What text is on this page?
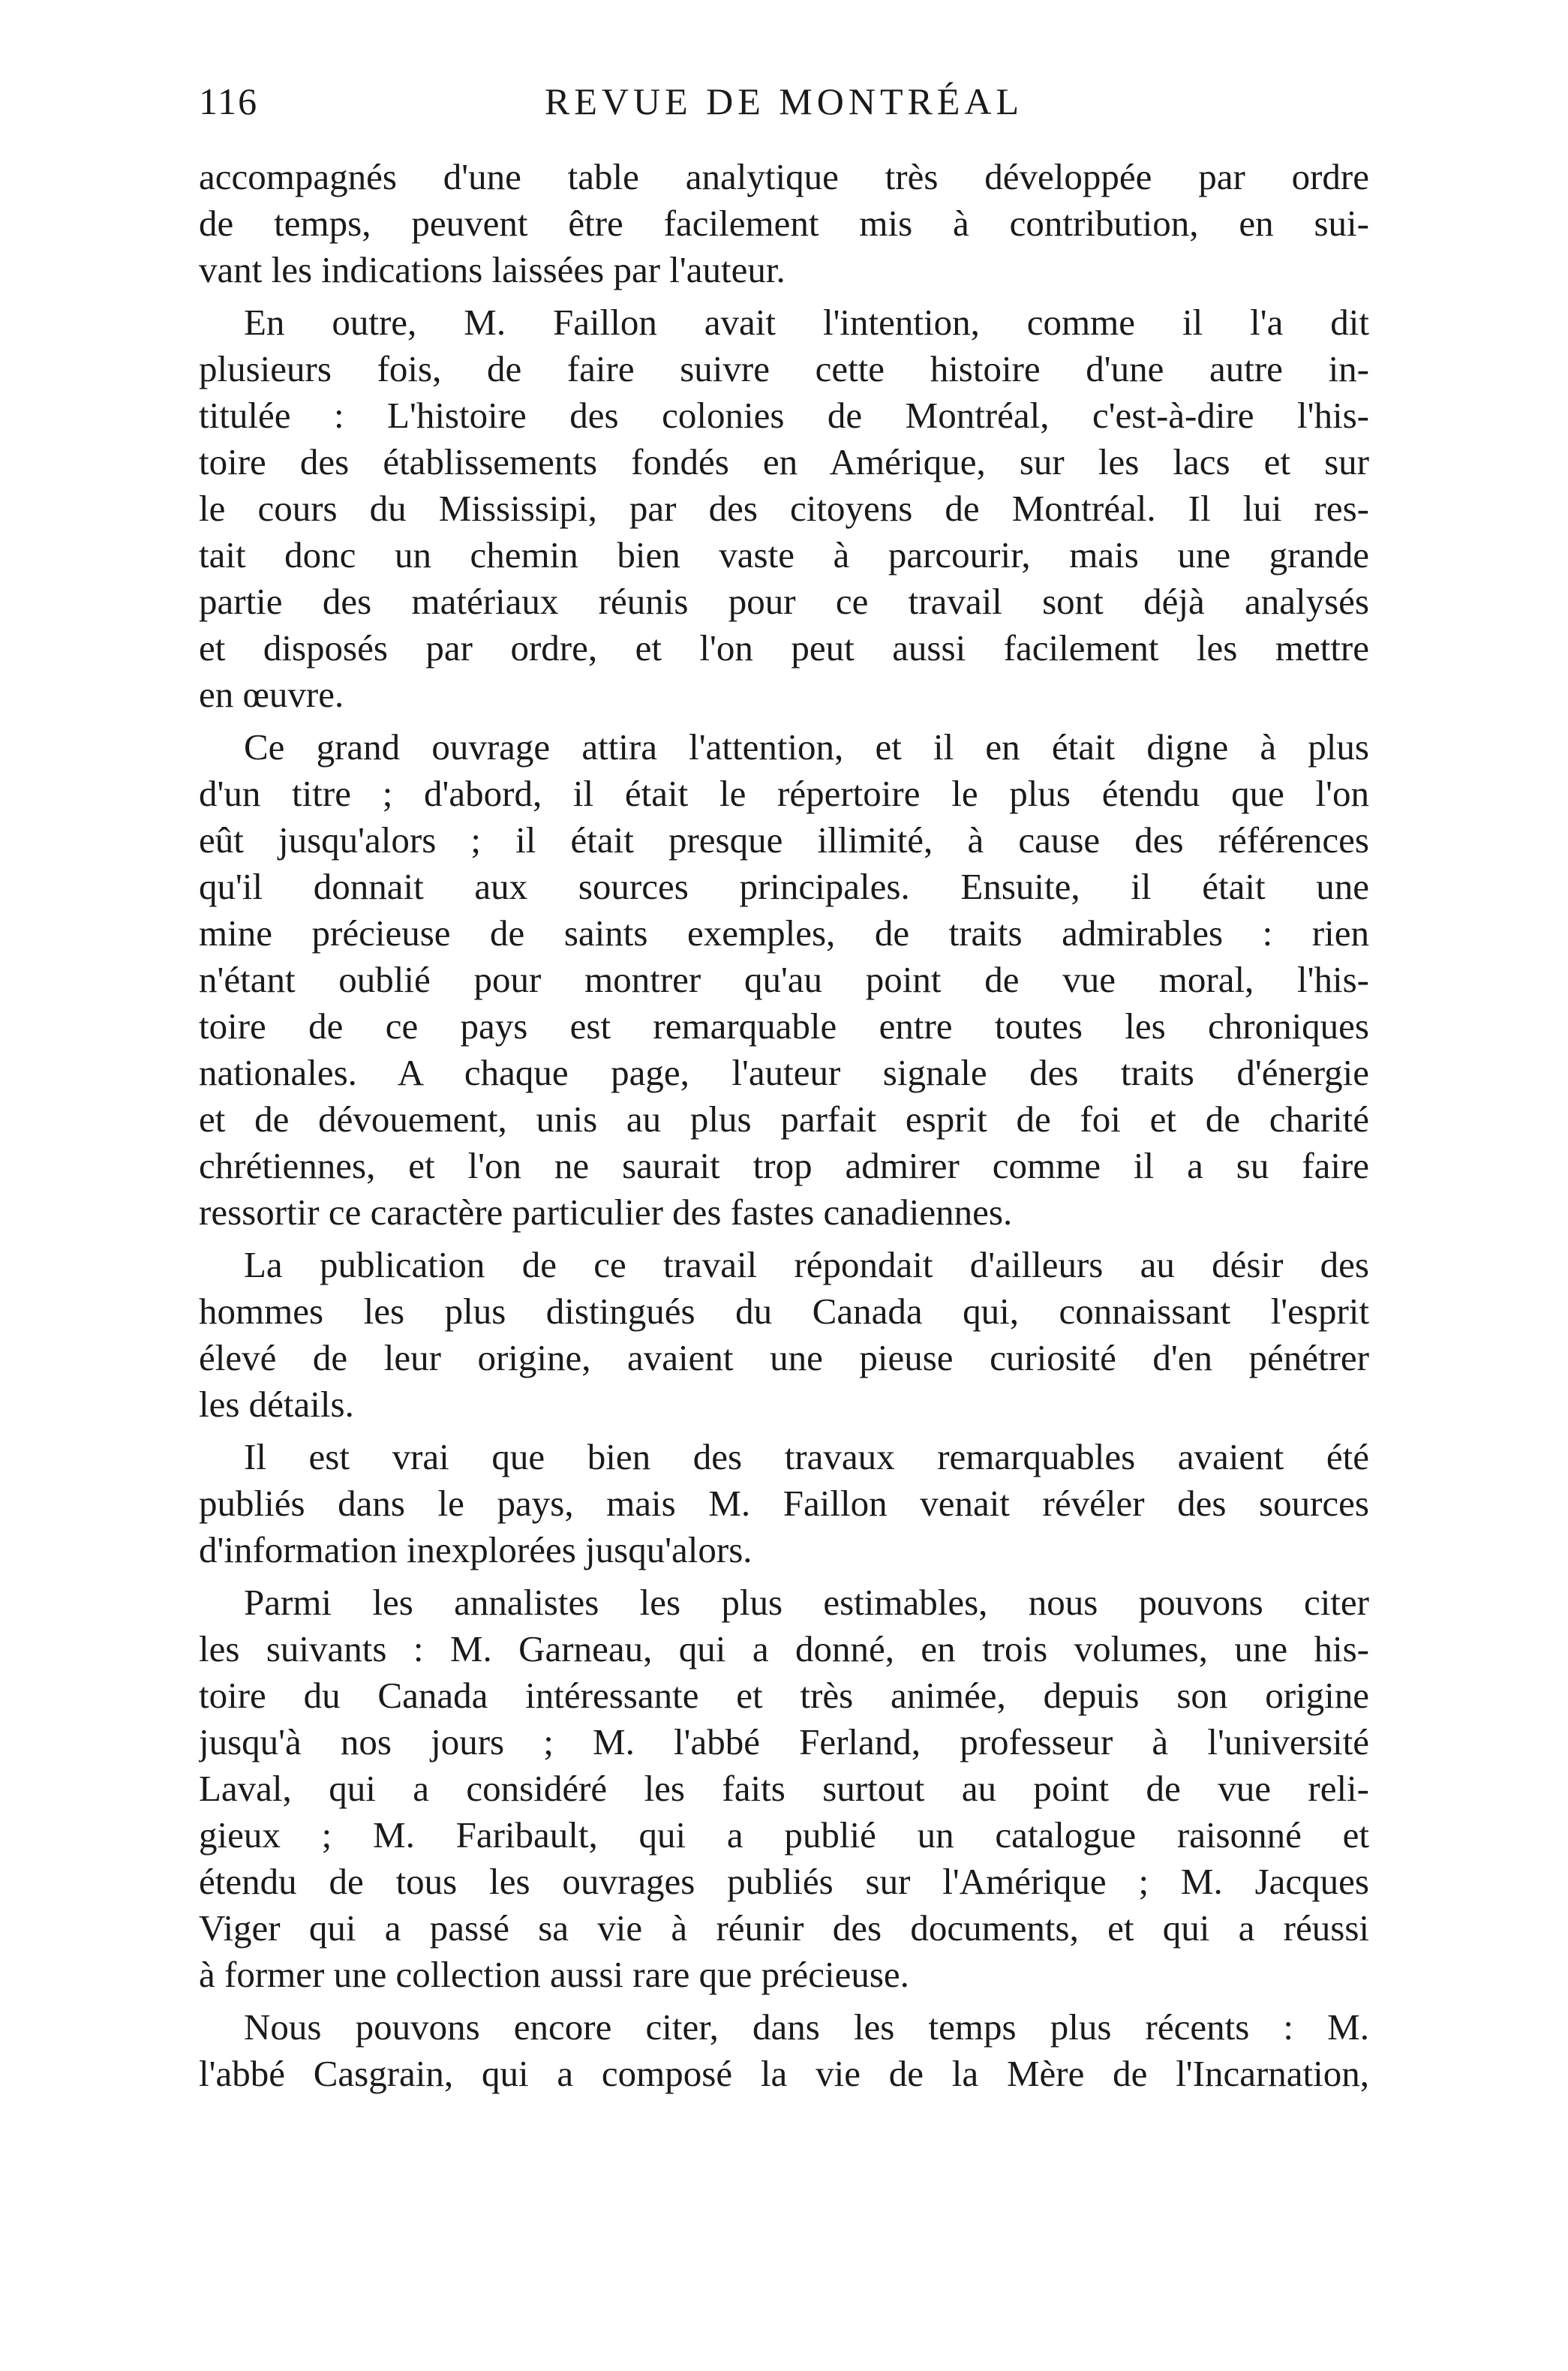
116	REVUE DE MONTRÉAL
accompagnés d'une table analytique très développée par ordre
de temps, peuvent être facilement mis à contribution, en sui-
vant les indications laissées par l'auteur.
En outre, M. Faillon avait l'intention, comme il l'a dit
plusieurs fois, de faire suivre cette histoire d'une autre in-
titulée : L'histoire des colonies de Montréal, c'est-à-dire l'his-
toire des établissements fondés en Amérique, sur les lacs et sur
le cours du Mississipi, par des citoyens de Montréal. Il lui res-
tait donc un chemin bien vaste à parcourir, mais une grande
partie des matériaux réunis pour ce travail sont déjà analysés
et disposés par ordre, et l'on peut aussi facilement les mettre
en œuvre.
Ce grand ouvrage attira l'attention, et il en était digne à plus
d'un titre ; d'abord, il était le répertoire le plus étendu que l'on
eût jusqu'alors ; il était presque illimité, à cause des références
qu'il donnait aux sources principales. Ensuite, il était une
mine précieuse de saints exemples, de traits admirables : rien
n'étant oublié pour montrer qu'au point de vue moral, l'his-
toire de ce pays est remarquable entre toutes les chroniques
nationales. A chaque page, l'auteur signale des traits d'énergie
et de dévouement, unis au plus parfait esprit de foi et de charité
chrétiennes, et l'on ne saurait trop admirer comme il a su faire
ressortir ce caractère particulier des fastes canadiennes.
La publication de ce travail répondait d'ailleurs au désir des
hommes les plus distingués du Canada qui, connaissant l'esprit
élevé de leur origine, avaient une pieuse curiosité d'en pénétrer
les détails.
Il est vrai que bien des travaux remarquables avaient été
publiés dans le pays, mais M. Faillon venait révéler des sources
d'information inexplorées jusqu'alors.
Parmi les annalistes les plus estimables, nous pouvons citer
les suivants : M. Garneau, qui a donné, en trois volumes, une his-
toire du Canada intéressante et très animée, depuis son origine
jusqu'à nos jours ; M. l'abbé Ferland, professeur à l'université
Laval, qui a considéré les faits surtout au point de vue reli-
gieux ; M. Faribault, qui a publié un catalogue raisonné et
étendu de tous les ouvrages publiés sur l'Amérique ; M. Jacques
Viger qui a passé sa vie à réunir des documents, et qui a réussi
à former une collection aussi rare que précieuse.
Nous pouvons encore citer, dans les temps plus récents : M.
l'abbé Casgrain, qui a composé la vie de la Mère de l'Incarnation,
